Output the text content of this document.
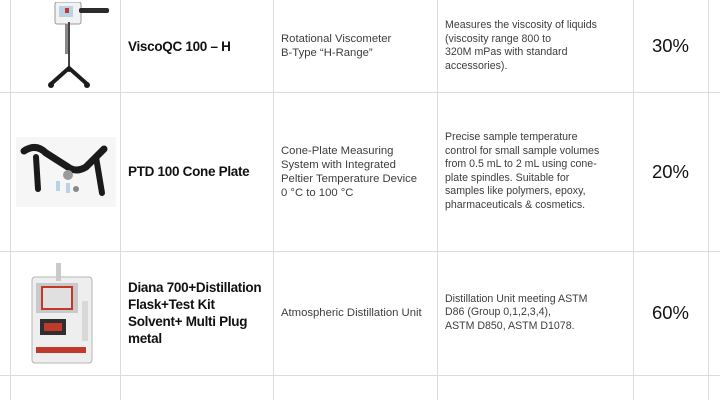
ViscoQC 100 – H	Rotational Viscometer
B-Type “H-Range”
Measures the viscosity of liquids
(viscosity range 800 to
320M mPas with standard
accessories).
30%
PTD 100 Cone Plate
Cone-Plate Measuring
System with Integrated
Peltier Temperature Device
0 °C to 100 °C
Precise sample temperature
control for small sample volumes
from 0.5 mL to 2 mL using cone-
plate spindles. Suitable for
samples like polymers, epoxy,
pharmaceuticals & cosmetics.
20%
Diana 700+Distillation
Flask+Test Kit
Solvent+ Multi Plug
metal
Atmospheric Distillation Unit
Distillation Unit meeting ASTM
D86 (Group 0,1,2,3,4),
ASTM D850, ASTM D1078.
60%
